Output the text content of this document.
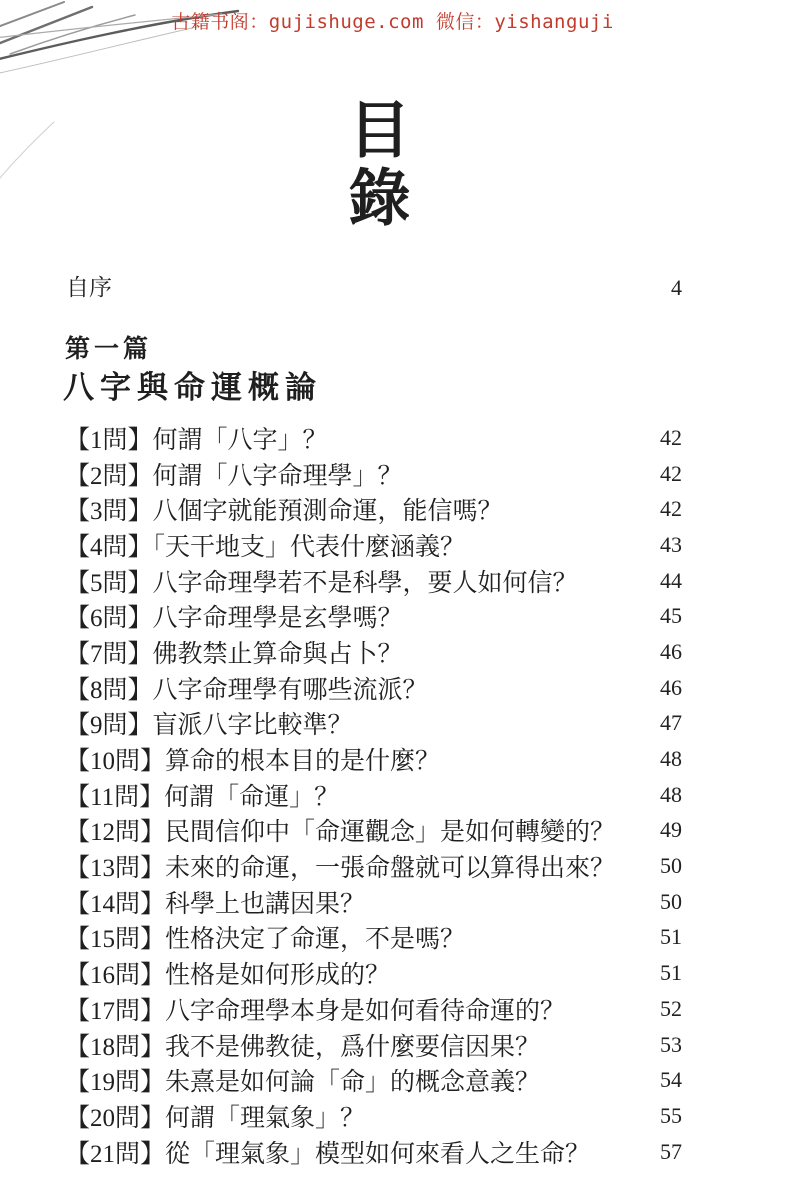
古籍书阁：gujishuge.com 微信：yishanguji
目錄
自序	4
第一篇
八字與命運概論
【1問】何謂「八字」？	42
【2問】何謂「八字命理學」？	42
【3問】八個字就能預測命運，能信嗎？	42
【4問】「天干地支」代表什麼涵義？	43
【5問】八字命理學若不是科學，要人如何信？	44
【6問】八字命理學是玄學嗎？	45
【7問】佛教禁止算命與占卜？	46
【8問】八字命理學有哪些流派？	46
【9問】盲派八字比較準？	47
【10問】算命的根本目的是什麼？	48
【11問】何謂「命運」？	48
【12問】民間信仰中「命運觀念」是如何轉變的？ 49
【13問】未來的命運，一張命盤就可以算得出來？ 50
【14問】科學上也講因果？	50
【15問】性格決定了命運，不是嗎？	51
【16問】性格是如何形成的？	51
【17問】八字命理學本身是如何看待命運的？	52
【18問】我不是佛教徒，爲什麼要信因果？	53
【19問】朱熹是如何論「命」的概念意義？	54
【20問】何謂「理氣象」？	55
【21問】從「理氣象」模型如何來看人之生命？	57
